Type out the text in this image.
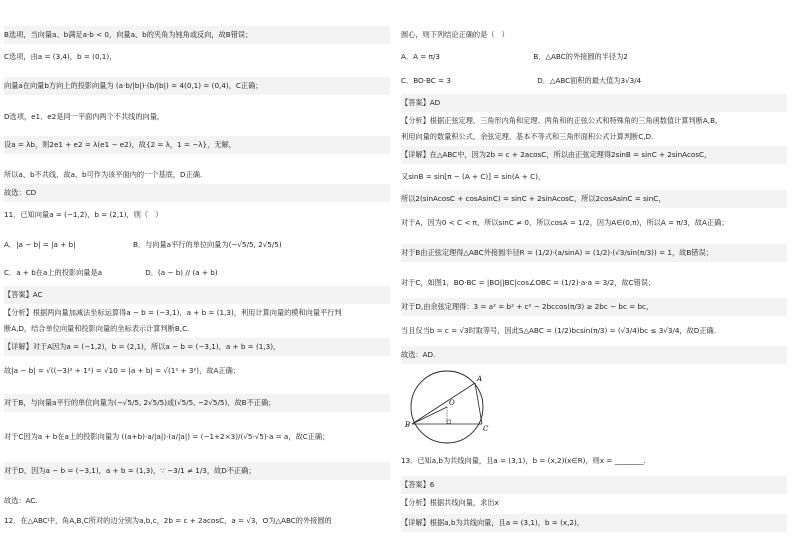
B选项，当向量a、b满足a·b < 0，向量a、b的夹角为钝角或反向，故B错误；
C选项，由a = (3,4)，b = (0,1)，
向量a在向量b方向上的投影向量为 (a·b/|b|)·(b/|b|) = 4(0,1) = (0,4)，C正确；
D选项，e1、e2是同一平面内两个不共线的向量，
设a = λb，则2e1 + e2 = λ(e1 − e2)，故{2 = λ，1 = −λ}，无解，
所以a、b不共线，故a、b可作为该平面内的一个基底，D正确.
故选：CD
11．已知向量a = (−1,2)，b = (2,1)，则（　）
A．|a − b| = |a + b|　　　　　　　　B．与向量a平行的单位向量为(−√5/5, 2√5/5)
C．a + b在a上的投影向量是a　　　　　　D．(a − b) // (a + b)
【答案】AC
【分析】根据两向量加减法坐标运算得a − b = (−3,1)，a + b = (1,3)，利用计算向量的模和向量平行判
断A,D，结合单位向量和投影向量的坐标表示计算判断B,C.
【详解】对于A因为a = (−1,2)，b = (2,1)，所以a − b = (−3,1)，a + b = (1,3)，
故|a − b| = √((−3)² + 1²) = √10 = |a + b| = √(1² + 3²)，故A正确；
对于B，与向量a平行的单位向量为(−√5/5, 2√5/5)或(√5/5, −2√5/5)，故B不正确；
对于C因为a + b在a上的投影向量为 ((a+b)·a/|a|)·(a/|a|) = (−1+2×3)/(√5·√5)·a = a，故C正确；
对于D，因为a − b = (−3,1)，a + b = (1,3)，∵ −3/1 ≠ 1/3，故D不正确；
故选：AC.
12．在△ABC中，角A,B,C所对的边分别为a,b,c，2b = c + 2acosC，a = √3，O为△ABC的外接圆的
A
B	C
O
圆心，则下列结论正确的是（　）
A．A = π/3　　　　　　　　　　　　　B．△ABC的外接圆的半径为2
C．BO·BC = 3　　　　　　　　　　　　D．△ABC面积的最大值为3√3/4
【答案】AD
【分析】根据正弦定理、三角形内角和定理、两角和的正弦公式和特殊角的三角函数值计算判断A,B,
利用向量的数量积公式、余弦定理、基本不等式和三角形面积公式计算判断C,D.
【详解】在△ABC中，因为2b = c + 2acosC，所以由正弦定理得2sinB = sinC + 2sinAcosC，
又sinB = sin[π − (A + C)] = sin(A + C)，
所以2(sinAcosC + cosAsinC) = sinC + 2sinAcosC，所以2cosAsinC = sinC，
对于A，因为0 < C < π，所以sinC ≠ 0，所以cosA = 1/2，因为A∈(0,π)，所以A = π/3，故A正确；
对于B由正弦定理得△ABC外接圆半径R = (1/2)·(a/sinA) = (1/2)·(√3/sin(π/3)) = 1，故B错误；
对于C，如图1，BO·BC = |BO||BC|cos∠OBC = (1/2)·a·a = 3/2，故C错误；
对于D,由余弦定理得：3 = a² = b² + c² − 2bccos(π/3) ≥ 2bc − bc = bc，
当且仅当b = c = √3时取等号，因此S△ABC = (1/2)bcsin(π/3) = (√3/4)bc ≤ 3√3/4，故D正确.
故选：AD.
13．已知a,b为共线向量，且a = (3,1)，b = (x,2)(x∈R)，则x = ________.
【答案】6
【分析】根据共线向量，求出x
【详解】根据a,b为共线向量，且a = (3,1)，b = (x,2)，
